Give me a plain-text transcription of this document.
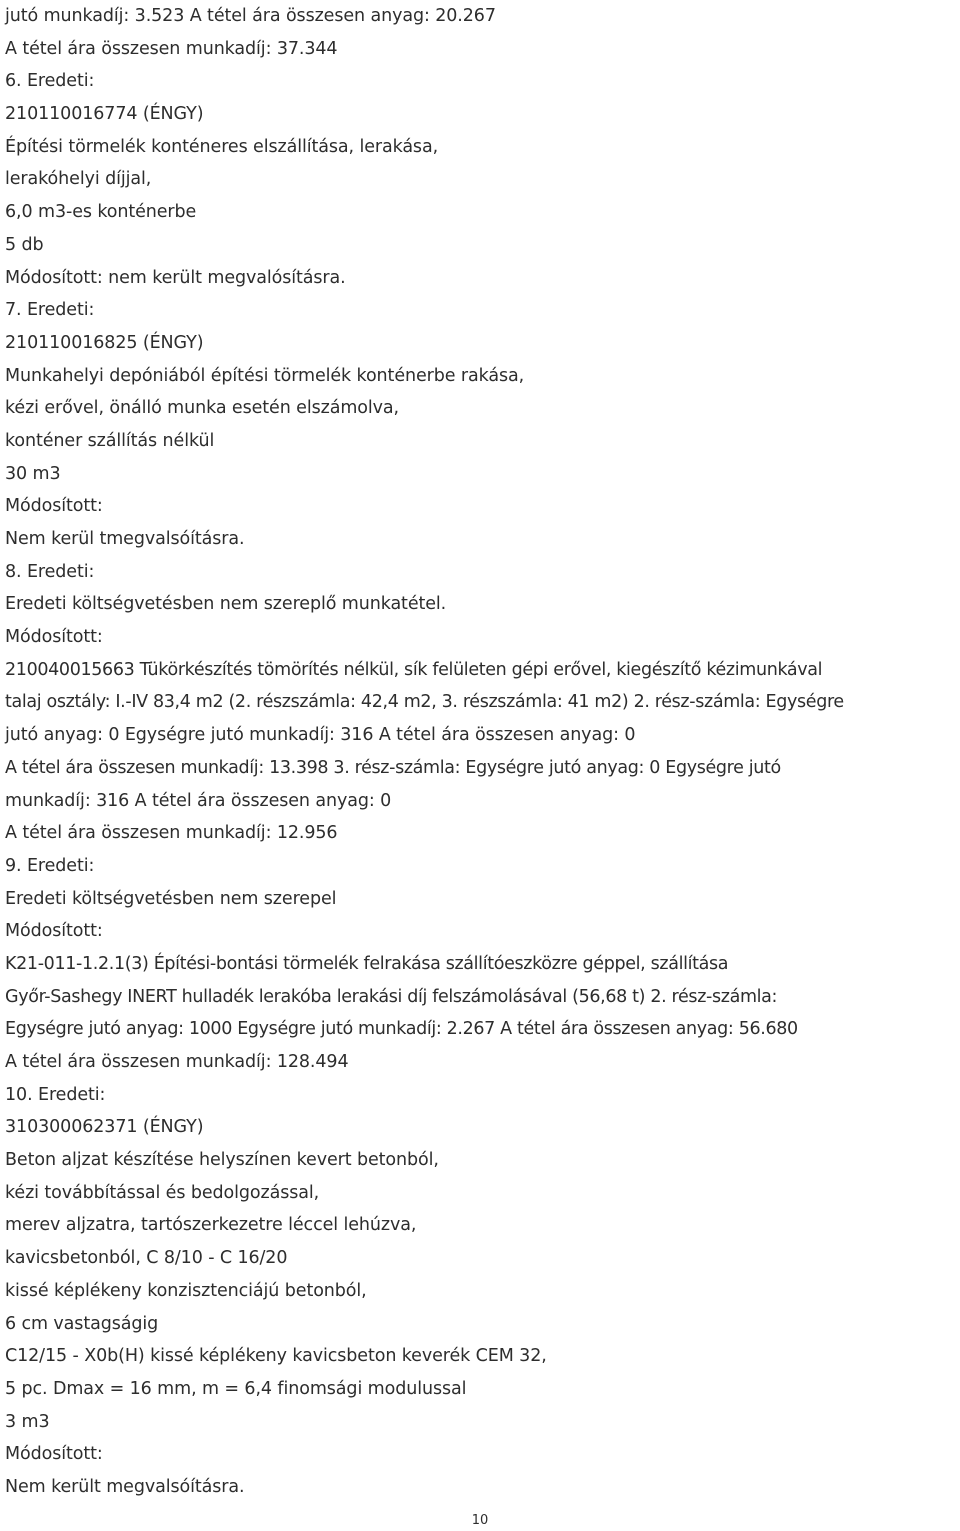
jutó munkadíj: 3.523 A tétel ára összesen anyag: 20.267
A tétel ára összesen munkadíj: 37.344
6. Eredeti:
210110016774 (ÉNGY)
Építési törmelék konténeres elszállítása, lerakása,
lerakóhelyi díjjal,
6,0 m3-es konténerbe
5 db
Módosított: nem került megvalósításra.
7. Eredeti:
210110016825 (ÉNGY)
Munkahelyi depóniából építési törmelék konténerbe rakása,
kézi erővel, önálló munka esetén elszámolva,
konténer szállítás nélkül
30 m3
Módosított:
Nem kerül tmegvalsóításra.
8. Eredeti:
Eredeti költségvetésben nem szereplő munkatétel.
Módosított:
210040015663 Tükörkészítés tömörítés nélkül, sík felületen gépi erővel, kiegészítő kézimunkával
talaj osztály: I.-IV 83,4 m2 (2. részszámla: 42,4 m2, 3. részszámla: 41 m2) 2. rész-számla: Egységre
jutó anyag: 0 Egységre jutó munkadíj: 316 A tétel ára összesen anyag: 0
A tétel ára összesen munkadíj: 13.398 3. rész-számla: Egységre jutó anyag: 0 Egységre jutó
munkadíj: 316 A tétel ára összesen anyag: 0
A tétel ára összesen munkadíj: 12.956
9. Eredeti:
Eredeti költségvetésben nem szerepel
Módosított:
K21-011-1.2.1(3) Építési-bontási törmelék felrakása szállítóeszközre géppel, szállítása
Győr-Sashegy INERT hulladék lerakóba lerakási díj felszámolásával (56,68 t) 2. rész-számla:
Egységre jutó anyag: 1000 Egységre jutó munkadíj: 2.267 A tétel ára összesen anyag: 56.680
A tétel ára összesen munkadíj: 128.494
10. Eredeti:
310300062371 (ÉNGY)
Beton aljzat készítése helyszínen kevert betonból,
kézi továbbítással és bedolgozással,
merev aljzatra, tartószerkezetre léccel lehúzva,
kavicsbetonból, C 8/10 - C 16/20
kissé képlékeny konzisztenciájú betonból,
6 cm vastagságig
C12/15 - X0b(H) kissé képlékeny kavicsbeton keverék CEM 32,
5 pc. Dmax = 16 mm, m = 6,4 finomsági modulussal
3 m3
Módosított:
Nem került megvalsóításra.
10
